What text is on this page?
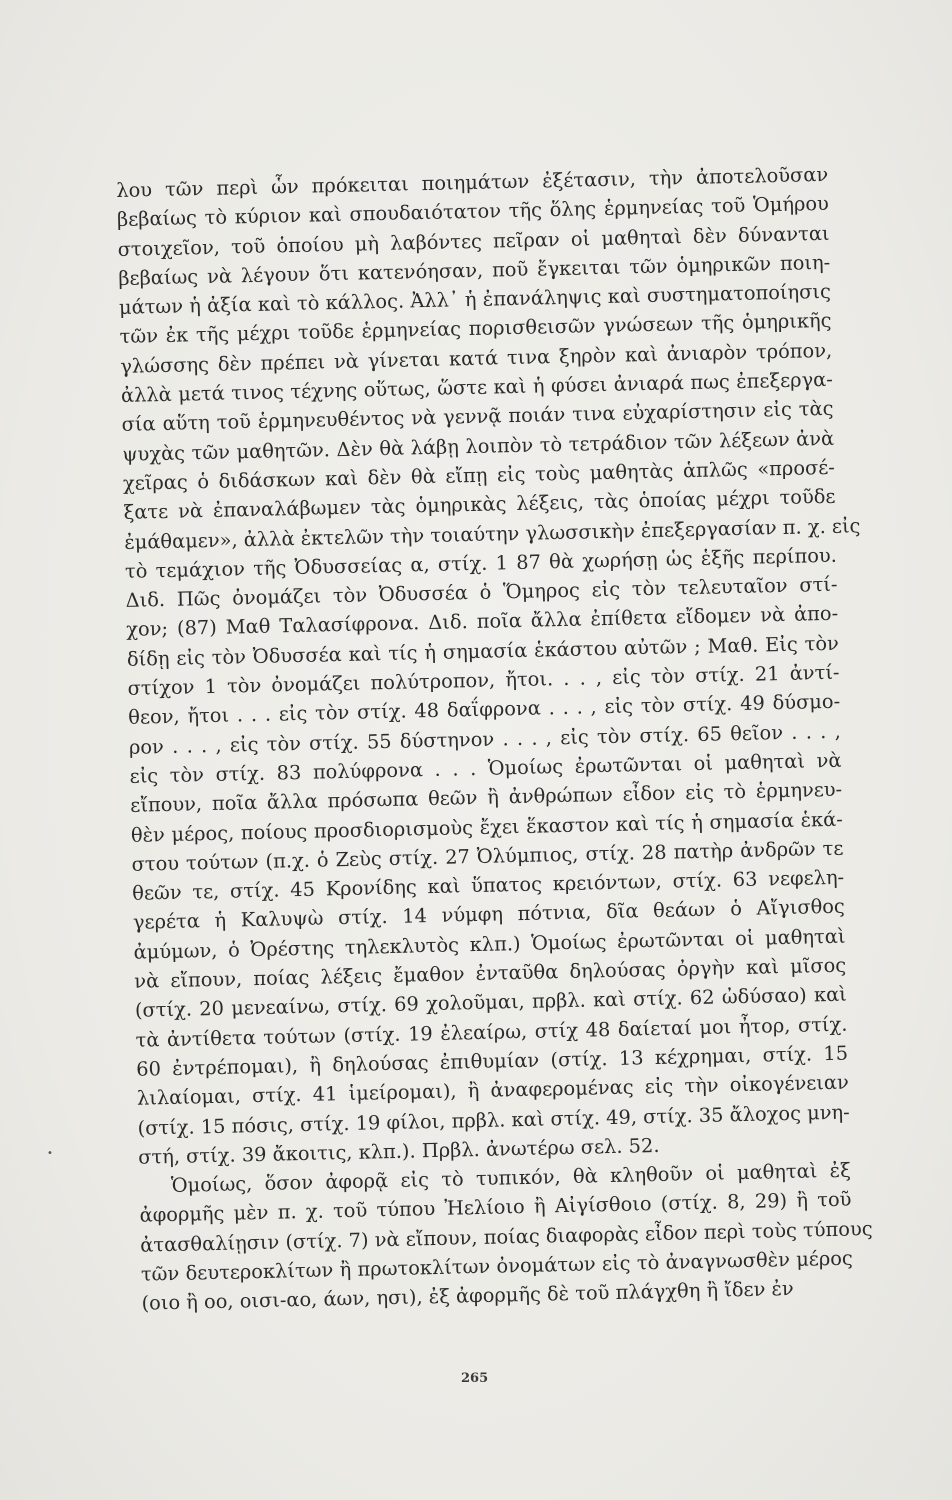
λου τῶν περὶ ὧν πρόκειται ποιημάτων ἐξέτασιν, τὴν ἀποτελοῦσαν
βεβαίως τὸ κύριον καὶ σπουδαιότατον τῆς ὅλης ἑρμηνείας τοῦ Ὁμήρου
στοιχεῖον, τοῦ ὁποίου μὴ λαβόντες πεῖραν οἱ μαθηταὶ δὲν δύνανται
βεβαίως νὰ λέγουν ὅτι κατενόησαν, ποῦ ἔγκειται τῶν ὁμηρικῶν ποιη-
μάτων ἡ ἀξία καὶ τὸ κάλλος. Ἀλλ᾽ ἡ ἐπανάληψις καὶ συστηματοποίησις
τῶν ἐκ τῆς μέχρι τοῦδε ἑρμηνείας πορισθεισῶν γνώσεων τῆς ὁμηρικῆς
γλώσσης δὲν πρέπει νὰ γίνεται κατά τινα ξηρὸν καὶ ἀνιαρὸν τρόπον,
ἀλλὰ μετά τινος τέχνης οὕτως, ὥστε καὶ ἡ φύσει ἀνιαρά πως ἐπεξεργα-
σία αὕτη τοῦ ἑρμηνευθέντος νὰ γεννᾷ ποιάν τινα εὐχαρίστησιν εἰς τὰς
ψυχὰς τῶν μαθητῶν. Δὲν θὰ λάβῃ λοιπὸν τὸ τετράδιον τῶν λέξεων ἀνὰ
χεῖρας ὁ διδάσκων καὶ δὲν θὰ εἴπῃ εἰς τοὺς μαθητὰς ἁπλῶς «προσέ-
ξατε νὰ ἐπαναλάβωμεν τὰς ὁμηρικὰς λέξεις, τὰς ὁποίας μέχρι τοῦδε
ἐμάθαμεν», ἀλλὰ ἐκτελῶν τὴν τοιαύτην γλωσσικὴν ἐπεξεργασίαν π. χ. εἰς
τὸ τεμάχιον τῆς Ὀδυσσείας α, στίχ. 1 87 θὰ χωρήσῃ ὡς ἑξῆς περίπου.
Διδ. Πῶς ὀνομάζει τὸν Ὀδυσσέα ὁ Ὅμηρος εἰς τὸν τελευταῖον στί-
χον; (87) Μαθ Ταλασίφρονα. Διδ. ποῖα ἄλλα ἐπίθετα εἴδομεν νὰ ἀπο-
δίδῃ εἰς τὸν Ὀδυσσέα καὶ τίς ἡ σημασία ἑκάστου αὐτῶν ; Μαθ. Εἰς τὸν
στίχον 1 τὸν ὀνομάζει πολύτροπον, ἤτοι. . . , εἰς τὸν στίχ. 21 ἀντί-
θεον, ἤτοι . . . εἰς τὸν στίχ. 48 δαΐφρονα . . . , εἰς τὸν στίχ. 49 δύσμο-
ρον . . . , εἰς τὸν στίχ. 55 δύστηνον . . . , εἰς τὸν στίχ. 65 θεῖον . . . ,
εἰς τὸν στίχ. 83 πολύφρονα . . . Ὁμοίως ἐρωτῶνται οἱ μαθηταὶ νὰ
εἴπουν, ποῖα ἄλλα πρόσωπα θεῶν ἢ ἀνθρώπων εἶδον εἰς τὸ ἑρμηνευ-
θὲν μέρος, ποίους προσδιορισμοὺς ἔχει ἕκαστον καὶ τίς ἡ σημασία ἑκά-
στου τούτων (π.χ. ὁ Ζεὺς στίχ. 27 Ὀλύμπιος, στίχ. 28 πατὴρ ἀνδρῶν τε
θεῶν τε, στίχ. 45 Κρονίδης καὶ ὕπατος κρειόντων, στίχ. 63 νεφελη-
γερέτα ἡ Καλυψὼ στίχ. 14 νύμφη πότνια, δῖα θεάων ὁ Αἴγισθος
ἀμύμων, ὁ Ὀρέστης τηλεκλυτὸς κλπ.) Ὁμοίως ἐρωτῶνται οἱ μαθηταὶ
νὰ εἴπουν, ποίας λέξεις ἔμαθον ἐνταῦθα δηλούσας ὀργὴν καὶ μῖσος
(στίχ. 20 μενεαίνω, στίχ. 69 χολοῦμαι, πρβλ. καὶ στίχ. 62 ὠδύσαο) καὶ
τὰ ἀντίθετα τούτων (στίχ. 19 ἐλεαίρω, στίχ 48 δαίεταί μοι ἦτορ, στίχ.
60 ἐντρέπομαι), ἢ δηλούσας ἐπιθυμίαν (στίχ. 13 κέχρημαι, στίχ. 15
λιλαίομαι, στίχ. 41 ἱμείρομαι), ἢ ἀναφερομένας εἰς τὴν οἰκογένειαν
(στίχ. 15 πόσις, στίχ. 19 φίλοι, πρβλ. καὶ στίχ. 49, στίχ. 35 ἄλοχος μνη-
στή, στίχ. 39 ἄκοιτις, κλπ.). Πρβλ. ἀνωτέρω σελ. 52.
Ὁμοίως, ὅσον ἀφορᾷ εἰς τὸ τυπικόν, θὰ κληθοῦν οἱ μαθηταὶ ἐξ
ἀφορμῆς μὲν π. χ. τοῦ τύπου Ἠελίοιο ἢ Αἰγίσθοιο (στίχ. 8, 29) ἢ τοῦ
ἀτασθαλίῃσιν (στίχ. 7) νὰ εἴπουν, ποίας διαφορὰς εἶδον περὶ τοὺς τύπους
τῶν δευτεροκλίτων ἢ πρωτοκλίτων ὀνομάτων εἰς τὸ ἀναγνωσθὲν μέρος
(οιο ἢ οο, οισι-αο, άων, ησι), ἐξ ἀφορμῆς δὲ τοῦ πλάγχθη ἢ ἴδεν ἐν
•
265
